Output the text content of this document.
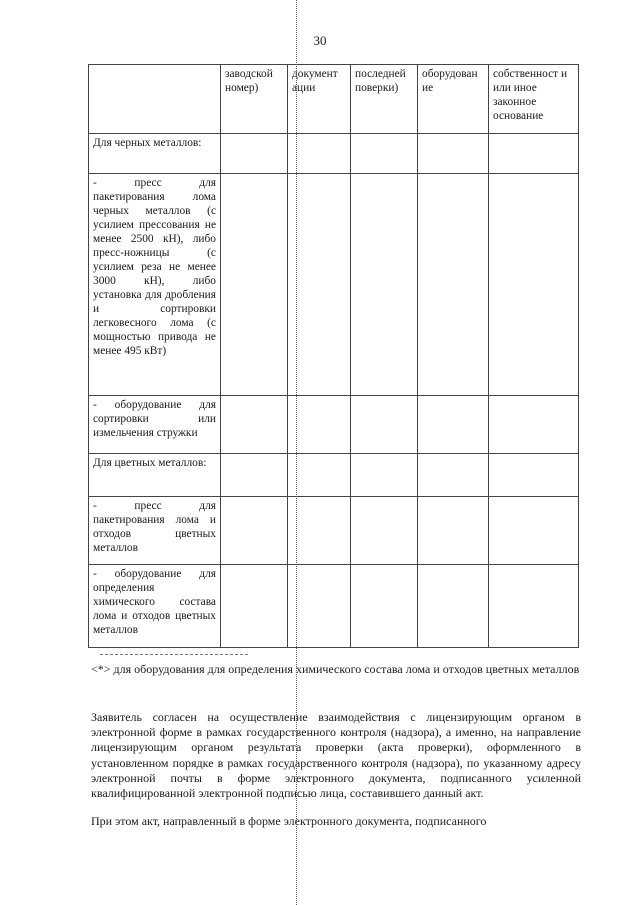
30

	заводской номер)	документ ации	последней поверки)	оборудован ие	собственност и или иное законное основание

Для черных металлов:					
- пресс для пакетирования лома черных металлов (с усилием прессования не менее 2500 кН), либо пресс-ножницы (с усилием реза не менее 3000 кН), либо установка для дробления и сортировки легковесного лома (с мощностью привода не менее 495 кВт)					
- оборудование для сортировки или измельчения стружки					
Для цветных металлов:					
- пресс для пакетирования лома и отходов цветных металлов					
- оборудование для определения химического состава лома и отходов цветных металлов					
<*> для оборудования для определения химического состава лома и отходов цветных металлов
Заявитель согласен на осуществление взаимодействия с лицензирующим органом в электронной форме в рамках государственного контроля (надзора), а именно, на направление лицензирующим органом результата проверки (акта проверки), оформленного в установленном порядке в рамках государственного контроля (надзора), по указанному адресу электронной почты в форме электронного документа, подписанного усиленной квалифицированной электронной подписью лица, составившего данный акт.
При этом акт, направленный в форме электронного документа, подписанного
